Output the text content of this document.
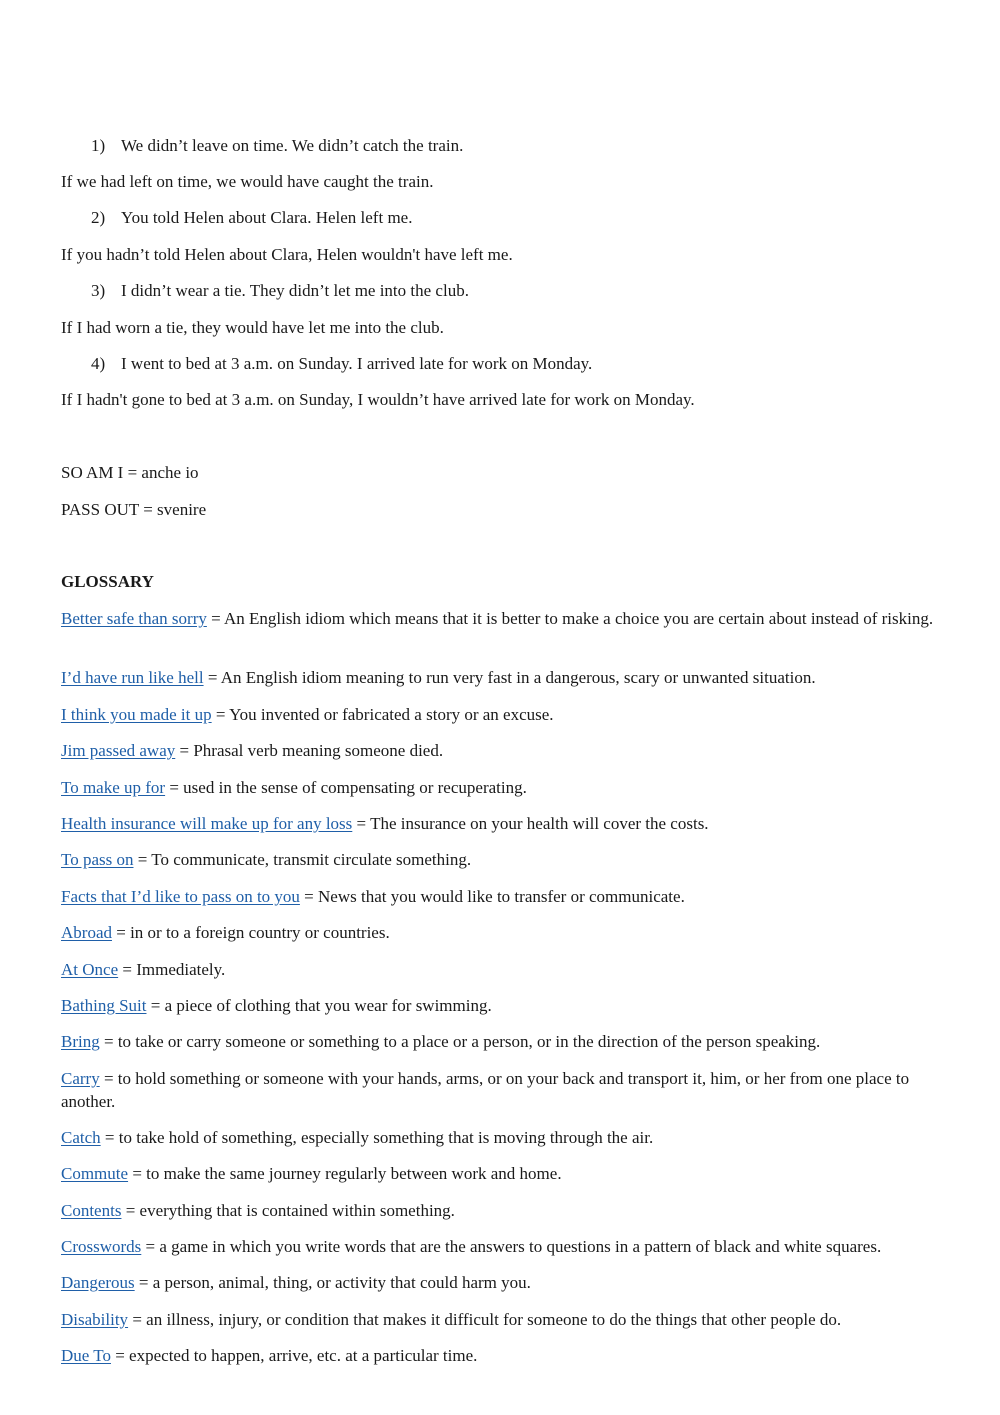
1) We didn’t leave on time. We didn’t catch the train.
If we had left on time, we would have caught the train.
2) You told Helen about Clara. Helen left me.
If you hadn’t told Helen about Clara, Helen wouldn't have left me.
3) I didn’t wear a tie. They didn’t let me into the club.
If I had worn a tie, they would have let me into the club.
4) I went to bed at 3 a.m. on Sunday. I arrived late for work on Monday.
If I hadn't gone to bed at 3 a.m. on Sunday, I wouldn’t have arrived late for work on Monday.
SO AM I = anche io
PASS OUT = svenire
GLOSSARY
Better safe than sorry = An English idiom which means that it is better to make a choice you are certain about instead of risking.
I’d have run like hell = An English idiom meaning to run very fast in a dangerous, scary or unwanted situation.
I think you made it up = You invented or fabricated a story or an excuse.
Jim passed away = Phrasal verb meaning someone died.
To make up for = used in the sense of compensating or recuperating.
Health insurance will make up for any loss = The insurance on your health will cover the costs.
To pass on = To communicate, transmit circulate something.
Facts that I’d like to pass on to you = News that you would like to transfer or communicate.
Abroad = in or to a foreign country or countries.
At Once = Immediately.
Bathing Suit = a piece of clothing that you wear for swimming.
Bring = to take or carry someone or something to a place or a person, or in the direction of the person speaking.
Carry = to hold something or someone with your hands, arms, or on your back and transport it, him, or her from one place to another.
Catch = to take hold of something, especially something that is moving through the air.
Commute = to make the same journey regularly between work and home.
Contents = everything that is contained within something.
Crosswords = a game in which you write words that are the answers to questions in a pattern of black and white squares.
Dangerous = a person, animal, thing, or activity that could harm you.
Disability = an illness, injury, or condition that makes it difficult for someone to do the things that other people do.
Due To = expected to happen, arrive, etc. at a particular time.
